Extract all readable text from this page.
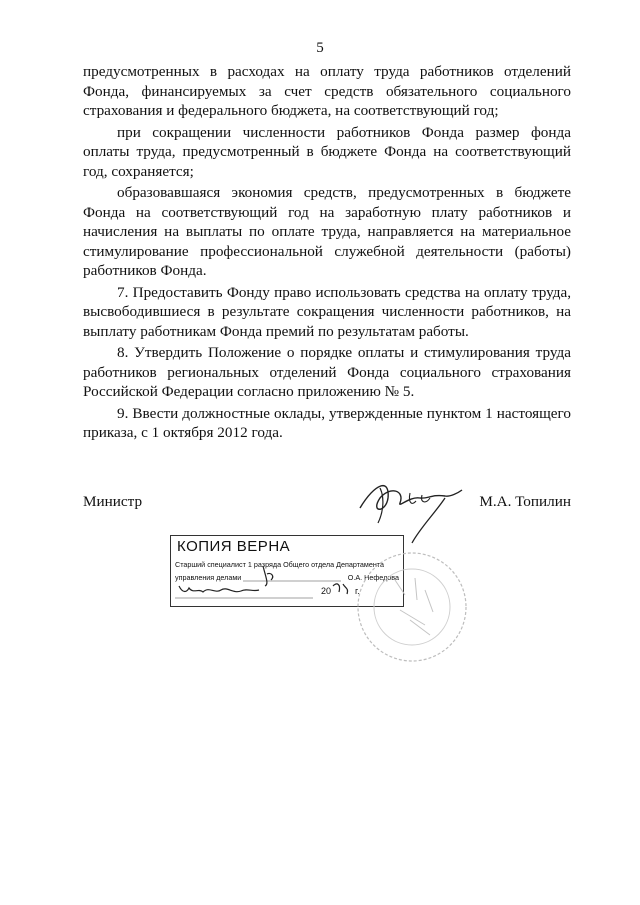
5

предусмотренных в расходах на оплату труда работников отделений Фонда, финансируемых за счет средств обязательного социального страхования и федерального бюджета, на соответствующий год;

при сокращении численности работников Фонда размер фонда оплаты труда, предусмотренный в бюджете Фонда на соответствующий год, сохраняется;

образовавшаяся экономия средств, предусмотренных в бюджете Фонда на соответствующий год на заработную плату работников и начисления на выплаты по оплате труда, направляется на материальное стимулирование профессиональной служебной деятельности (работы) работников Фонда.

7. Предоставить Фонду право использовать средства на оплату труда, высвободившиеся в результате сокращения численности работников, на выплату работникам Фонда премий по результатам работы.

8. Утвердить Положение о порядке оплаты и стимулирования труда работников региональных отделений Фонда социального страхования Российской Федерации согласно приложению № 5.

9. Ввести должностные оклады, утвержденные пунктом 1 настоящего приказа, с 1 октября 2012 года.

Министр	М.А. Топилин
КОПИЯ ВЕРНА
Старший специалист 1 разряда Общего отдела Департамента
управления делами	О.А. Нефедова
20	г.
